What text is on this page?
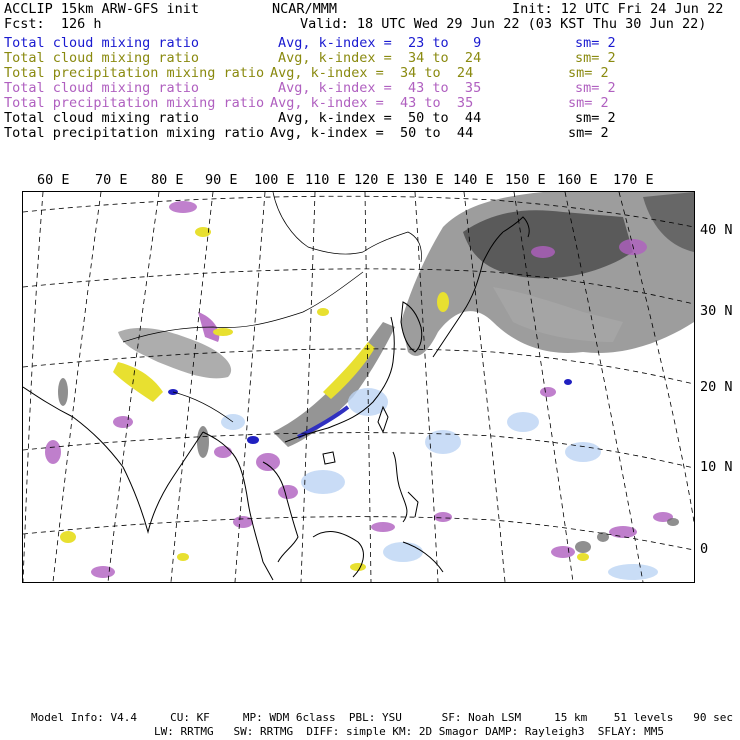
ACCLIP 15km ARW-GFS init	NCAR/MMM	Init: 12 UTC Fri 24 Jun 22
Fcst:  126 h	Valid: 18 UTC Wed 29 Jun 22 (03 KST Thu 30 Jun 22)
Total cloud mixing ratio	Avg, k-index =  23 to   9	sm= 2
Total cloud mixing ratio	Avg, k-index =  34 to  24	sm= 2
Total precipitation mixing ratio Avg, k-index =  34 to  24	sm= 2
Total cloud mixing ratio	Avg, k-index =  43 to  35	sm= 2
Total precipitation mixing ratio Avg, k-index =  43 to  35	sm= 2
Total cloud mixing ratio	Avg, k-index =  50 to  44	sm= 2
Total precipitation mixing ratio Avg, k-index =  50 to  44	sm= 2
60 E 70 E 80 E 90 E 100 E 110 E 120 E 130 E 140 E 150 E 160 E 170 E
40 N
30 N
20 N
10 N
0
Model Info: V4.4     CU: KF     MP: WDM 6class  PBL: YSU      SF: Noah LSM     15 km    51 levels   90 sec
LW: RRTMG   SW: RRTMG  DIFF: simple KM: 2D Smagor DAMP: Rayleigh3  SFLAY: MM5
